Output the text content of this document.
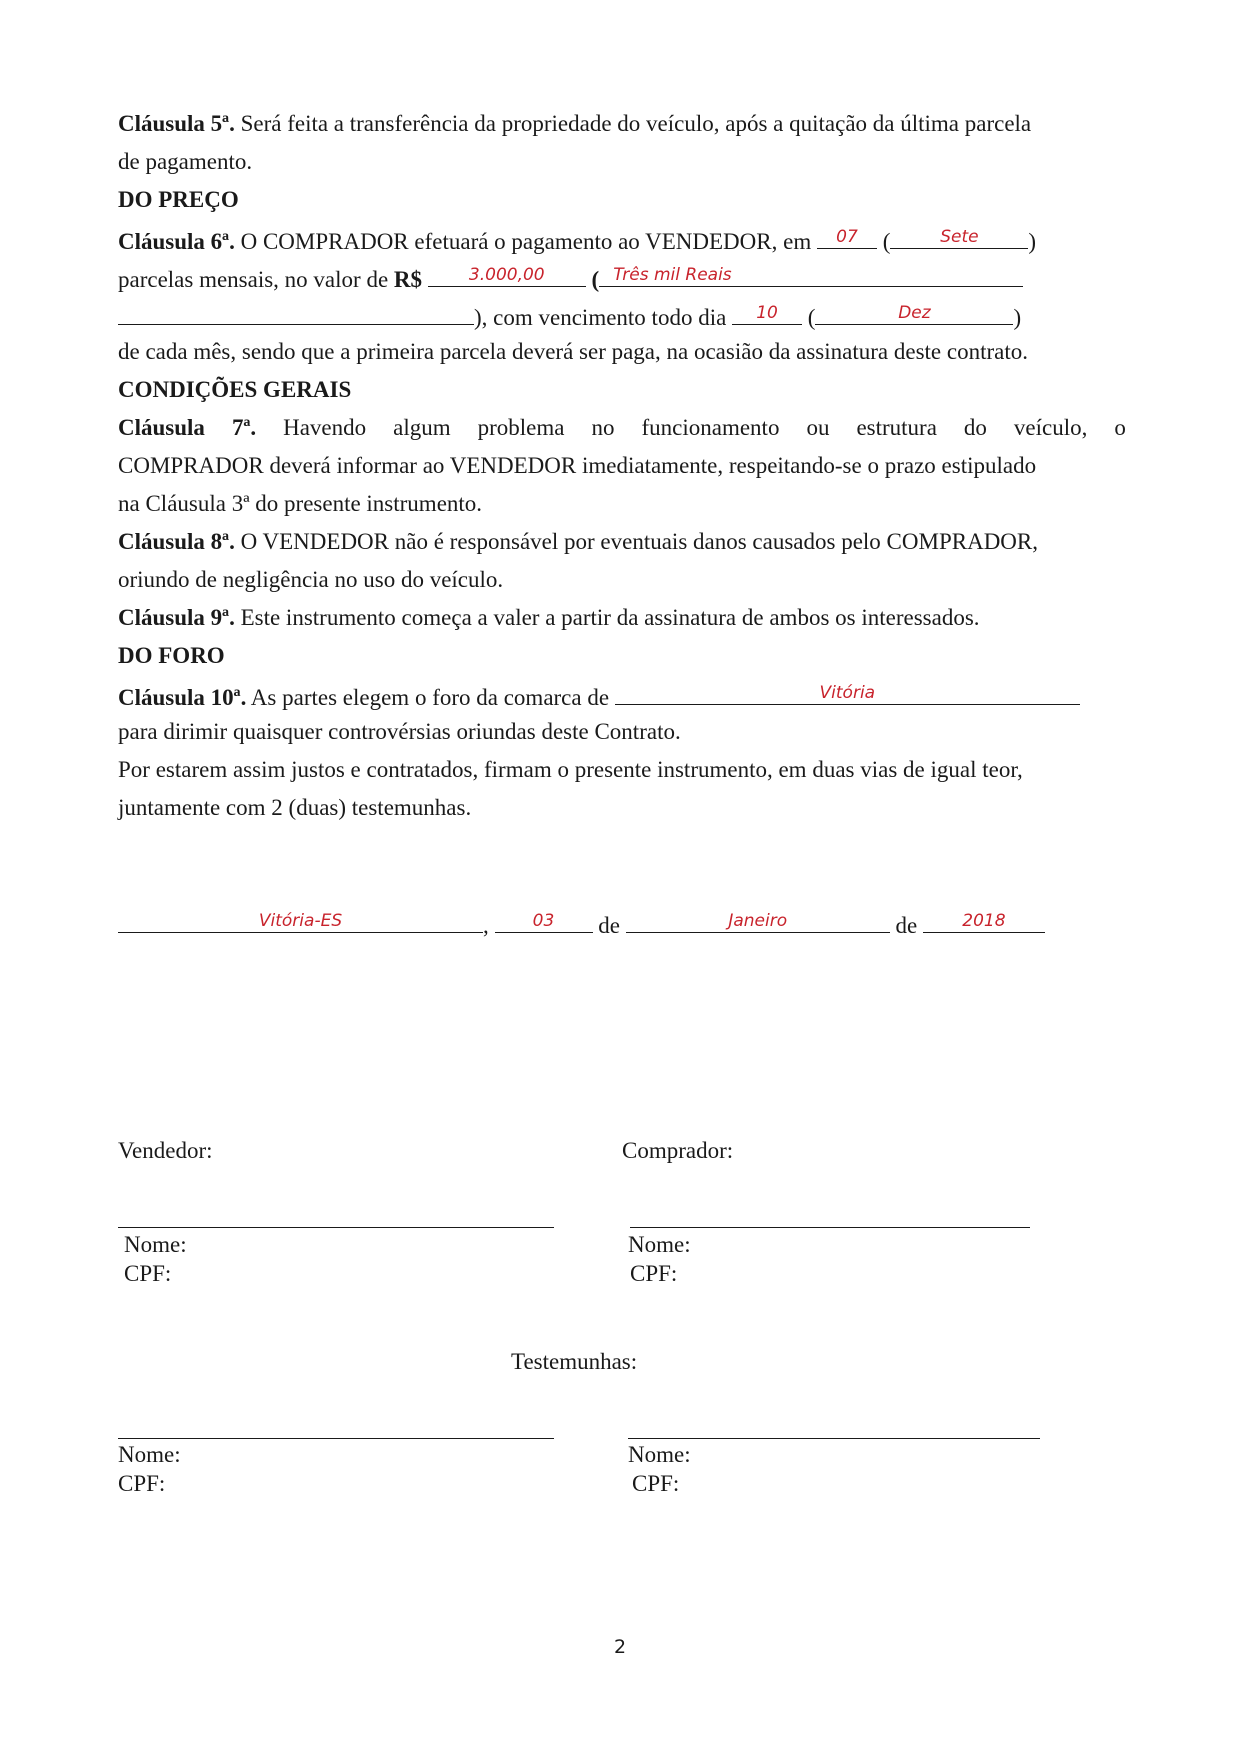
Cláusula 5ª. Será feita a transferência da propriedade do veículo, após a quitação da última parcela
de pagamento.
DO PREÇO
Cláusula 6ª. O COMPRADOR efetuará o pagamento ao VENDEDOR, em	07 (	Sete	)
parcelas mensais, no valor de R$	3.000,00	( Três mil Reais
), com vencimento todo dia	10	(	Dez	)
de cada mês, sendo que a primeira parcela deverá ser paga, na ocasião da assinatura deste contrato.
CONDIÇÕES GERAIS
Cláusula 7ª. Havendo algum problema no funcionamento ou estrutura do veículo, o
COMPRADOR deverá informar ao VENDEDOR imediatamente, respeitando-se o prazo estipulado
na Cláusula 3ª do presente instrumento.
Cláusula 8ª. O VENDEDOR não é responsável por eventuais danos causados pelo COMPRADOR,
oriundo de negligência no uso do veículo.
Cláusula 9ª. Este instrumento começa a valer a partir da assinatura de ambos os interessados.
DO FORO
Cláusula 10ª. As partes elegem o foro da comarca de	Vitória
para dirimir quaisquer controvérsias oriundas deste Contrato.
Por estarem assim justos e contratados, firmam o presente instrumento, em duas vias de igual teor,
juntamente com 2 (duas) testemunhas.
Vitória-ES	,	03	de	Janeiro	de	2018
Vendedor:	Comprador:
Nome:
CPF:
Nome:
CPF:
Testemunhas:
Nome:
CPF:
Nome:
CPF:
2
